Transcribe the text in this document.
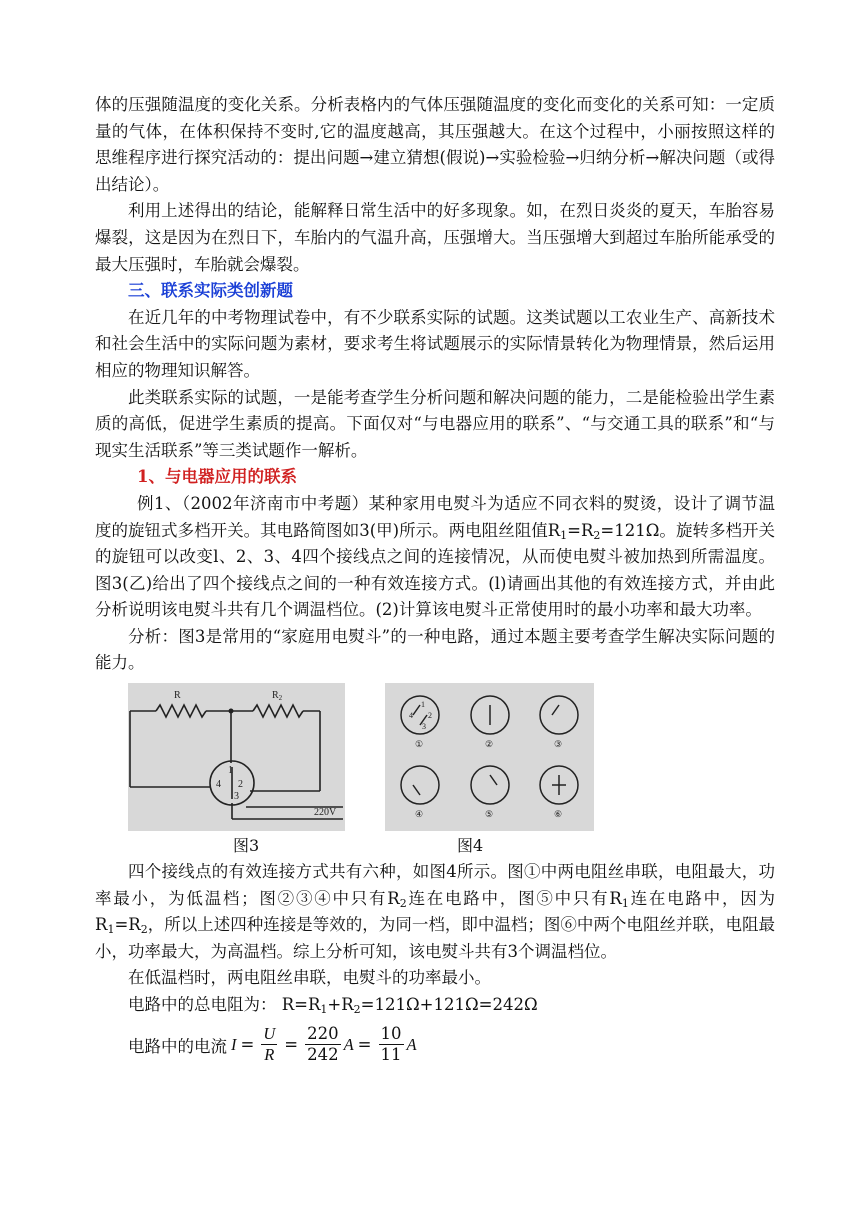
体的压强随温度的变化关系。分析表格内的气体压强随温度的变化而变化的关系可知：一定质量的气体，在体积保持不变时,它的温度越高，其压强越大。在这个过程中，小丽按照这样的思维程序进行探究活动的：提出问题→建立猜想(假说)→实验检验→归纳分析→解决问题（或得出结论）。

利用上述得出的结论，能解释日常生活中的好多现象。如，在烈日炎炎的夏天，车胎容易爆裂，这是因为在烈日下，车胎内的气温升高，压强增大。当压强增大到超过车胎所能承受的最大压强时，车胎就会爆裂。

三、联系实际类创新题

在近几年的中考物理试卷中，有不少联系实际的试题。这类试题以工农业生产、高新技术和社会生活中的实际问题为素材，要求考生将试题展示的实际情景转化为物理情景，然后运用相应的物理知识解答。

此类联系实际的试题，一是能考查学生分析问题和解决问题的能力，二是能检验出学生素质的高低，促进学生素质的提高。下面仅对“与电器应用的联系”、“与交通工具的联系”和“与现实生活联系”等三类试题作一解析。

1、与电器应用的联系

例1、（2002年济南市中考题）某种家用电熨斗为适应不同衣料的熨烫，设计了调节温度的旋钮式多档开关。其电路简图如3(甲)所示。两电阻丝阻值$R_1=R_2=121\Omega$。旋转多档开关的旋钮可以改变l、2、3、4四个接线点之间的连接情况，从而使电熨斗被加热到所需温度。图3(乙)给出了四个接线点之间的一种有效连接方式。(l)请画出其他的有效连接方式，并由此分析说明该电熨斗共有几个调温档位。(2)计算该电熨斗正常使用时的最小功率和最大功率。

分析：图3是常用的“家庭用电熨斗”的一种电路，通过本题主要考查学生解决实际问题的能力。

R	$R_2$
1
2
3
4
220V
1
2
3
4
①	②	③
④	⑤	⑥
图3	图4

四个接线点的有效连接方式共有六种，如图4所示。图①中两电阻丝串联，电阻最大，功率最小，为低温档；图②③④中只有$R_2$连在电路中，图⑤中只有$R_1$连在电路中，因为$R_1=R_2$，所以上述四种连接是等效的，为同一档，即中温档；图⑥中两个电阻丝并联，电阻最小，功率最大，为高温档。综上分析可知，该电熨斗共有3个调温档位。

在低温档时，两电阻丝串联，电熨斗的功率最小。

电路中的总电阻为： $R=R_1+R_2=121\Omega+121\Omega=242\Omega$

电路中的电流 $I = \frac{U}{R} = \frac{220}{242}$ $A = \frac{10}{11}$ A
